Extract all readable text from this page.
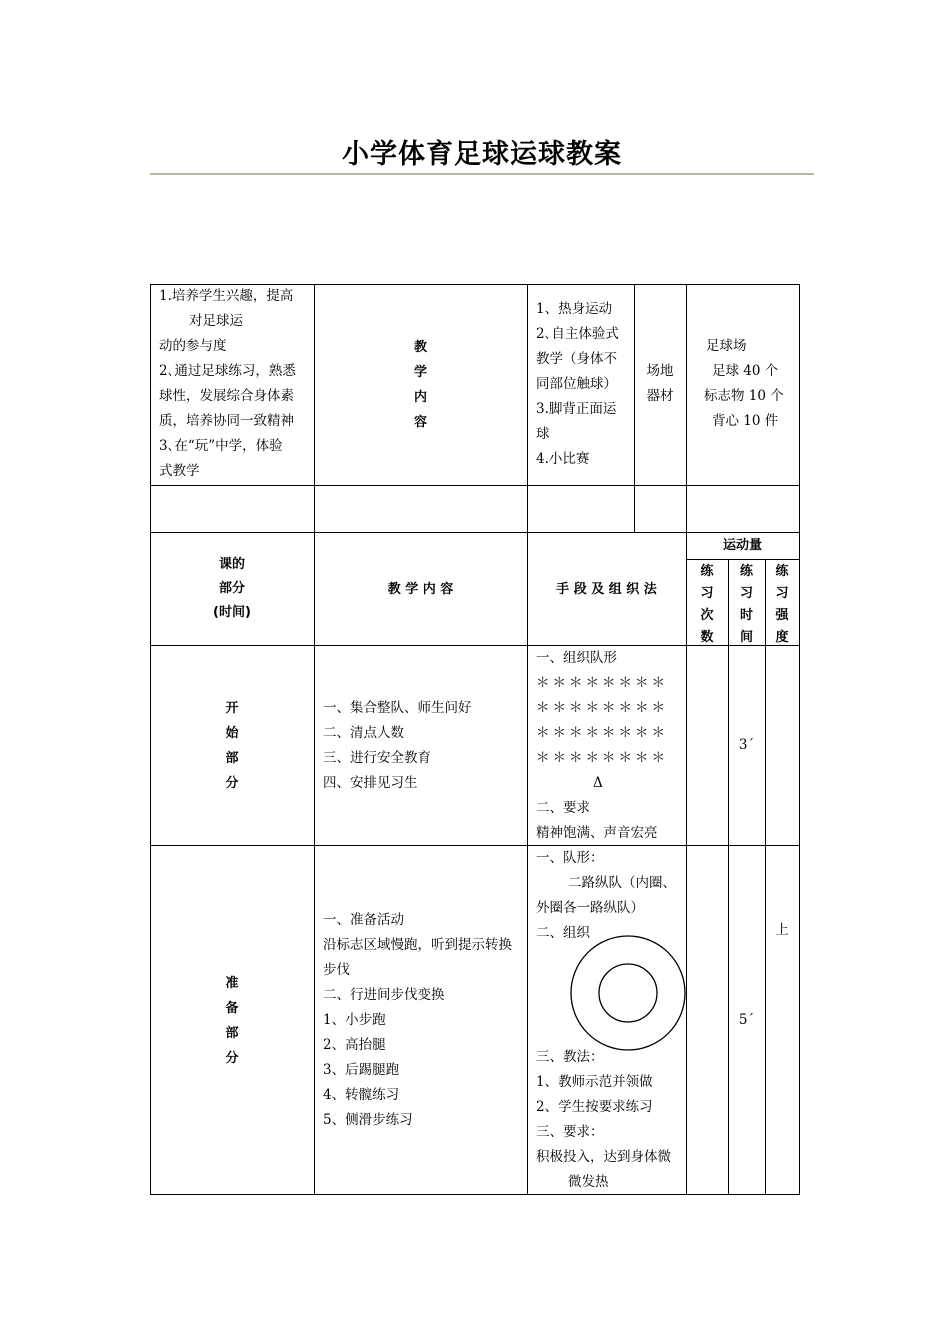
小学体育足球运球教案
1.培养学生兴趣，提高
对足球运
动的参与度
2､通过足球练习，熟悉
球性，发展综合身体素
质，培养协同一致精神
3､在“玩”中学，体验
式教学
教
学
内
容
1、热身运动
2､自主体验式
教学（身体不
同部位触球）
3.脚背正面运
球
4.小比赛
场地
器材
足球场
足球 40 个
标志物 10 个
背心 10 件
课的
部分
(时间)
教 学 内 容	手 段 及 组 织 法
运动量
练
习
次
数
练
习
时
间
练
习
强
度
开
始
部
分
一、集合整队、师生问好
二、清点人数
三、进行安全教育
四、安排见习生
一、组织队形
＊＊＊＊＊＊＊＊
＊＊＊＊＊＊＊＊
＊＊＊＊＊＊＊＊
＊＊＊＊＊＊＊＊
Δ
二、要求
精神饱满、声音宏亮
3´
准
备
部
分
一、准备活动
沿标志区域慢跑，听到提示转换
步伐
二、行进间步伐变换
1、小步跑
2、高抬腿
3、后踢腿跑
4、转髋练习
5、侧滑步练习
一、队形：
二路纵队（内圈、
外圈各一路纵队）
二、组织
三、教法：
1、教师示范并领做
2、学生按要求练习
三、要求：
积极投入，达到身体微
微发热
5´
上
